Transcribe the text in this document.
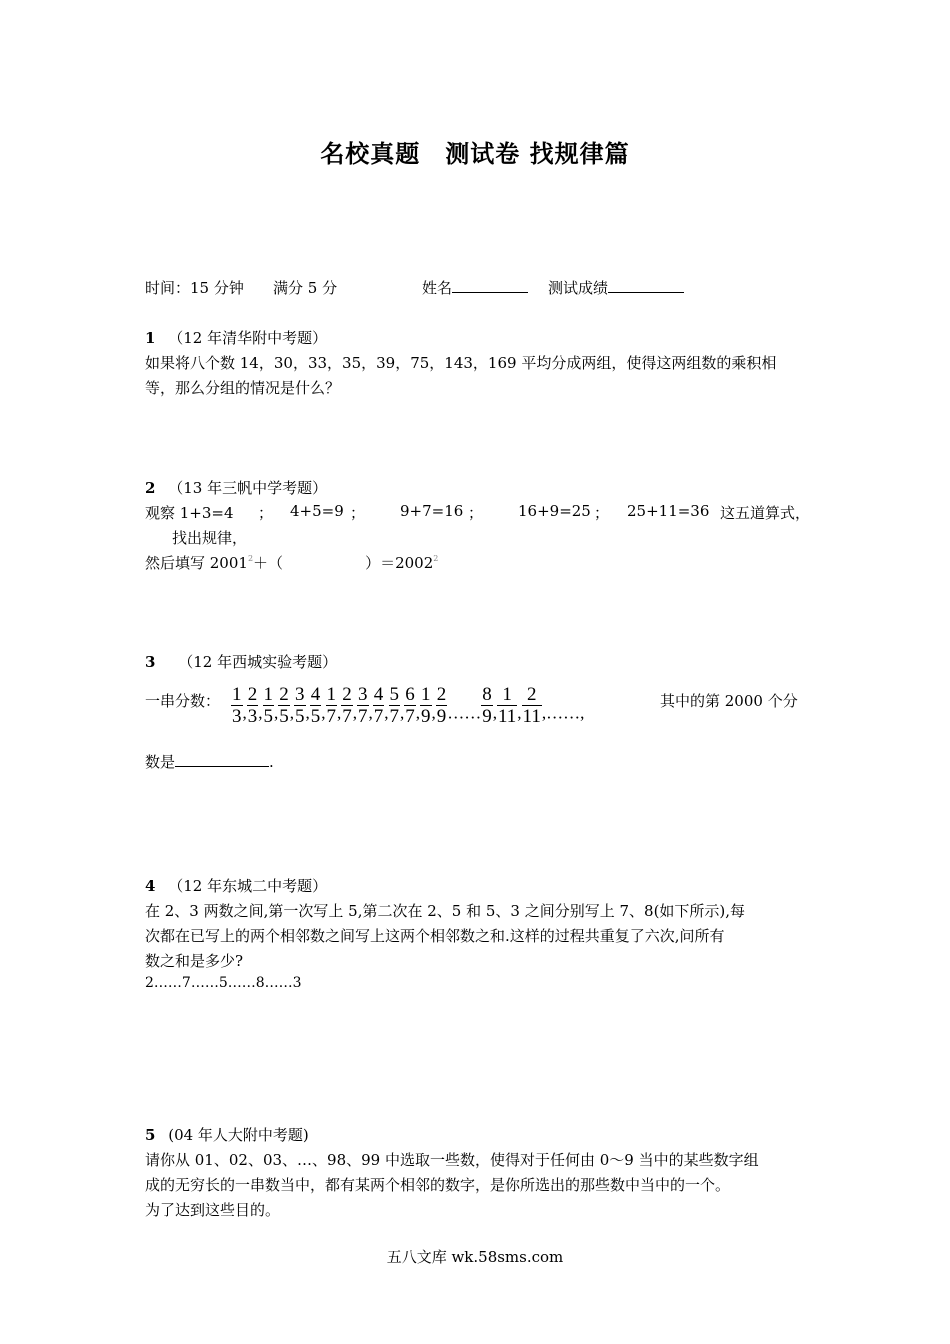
名校真题　测试卷 找规律篇
时间：15 分钟 满分 5 分	姓名	测试成绩
1 （12 年清华附中考题）
如果将八个数 14，30，33，35，39，75，143，169 平均分成两组，使得这两组数的乘积相
等，那么分组的情况是什么？
2 （13 年三帆中学考题）
观察 1+3=4 ； 4+5=9 ； 9+7=16 ； 16+9=25 ； 25+11=36 这五道算式，
找出规律，
然后填写 $2001^2+$（	）$=2002^2$
3 （12 年西城实验考题）
一串分数： $\frac{1}{3}$ , $\frac{2}{3}$ , $\frac{1}{5}$ , $\frac{2}{5}$ , $\frac{3}{5}$ , $\frac{4}{5}$ , $\frac{1}{7}$ , $\frac{2}{7}$ , $\frac{3}{7}$ , $\frac{4}{7}$ , $\frac{5}{7}$ , $\frac{6}{7}$ , $\frac{1}{9}$ , $\frac{2}{9}$ …… $\frac{8}{9}$ , $\frac{1}{11}$ , $\frac{2}{11}$ ,……,
其中的第 2000 个分
数是	.
4 （12 年东城二中考题）
在 2、3 两数之间,第一次写上 5,第二次在 2、5 和 5、3 之间分别写上 7、8(如下所示),每
次都在已写上的两个相邻数之间写上这两个相邻数之和.这样的过程共重复了六次,问所有
数之和是多少?
2……7……5……8……3
5 (04 年人大附中考题)
请你从 01、02、03、…、98、99 中选取一些数，使得对于任何由 0～9 当中的某些数字组
成的无穷长的一串数当中，都有某两个相邻的数字，是你所选出的那些数中当中的一个。
为了达到这些目的。
五八文库 wk.58sms.com
